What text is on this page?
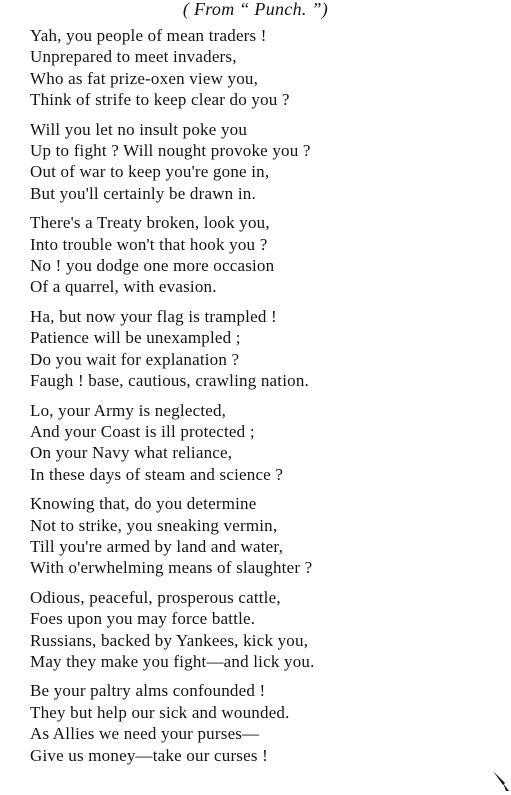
( From “ Punch. ”)
Yah, you people of mean traders !
Unprepared to meet invaders,
Who as fat prize-oxen view you,
Think of strife to keep clear do you ?
Will you let no insult poke you
Up to fight ? Will nought provoke you ?
Out of war to keep you're gone in,
But you'll certainly be drawn in.
There's a Treaty broken, look you,
Into trouble won't that hook you ?
No ! you dodge one more occasion
Of a quarrel, with evasion.
Ha, but now your flag is trampled !
Patience will be unexampled ;
Do you wait for explanation ?
Faugh ! base, cautious, crawling nation.
Lo, your Army is neglected,
And your Coast is ill protected ;
On your Navy what reliance,
In these days of steam and science ?
Knowing that, do you determine
Not to strike, you sneaking vermin,
Till you're armed by land and water,
With o'erwhelming means of slaughter ?
Odious, peaceful, prosperous cattle,
Foes upon you may force battle.
Russians, backed by Yankees, kick you,
May they make you fight—and lick you.
Be your paltry alms confounded !
They but help our sick and wounded.
As Allies we need your purses—
Give us money—take our curses !
